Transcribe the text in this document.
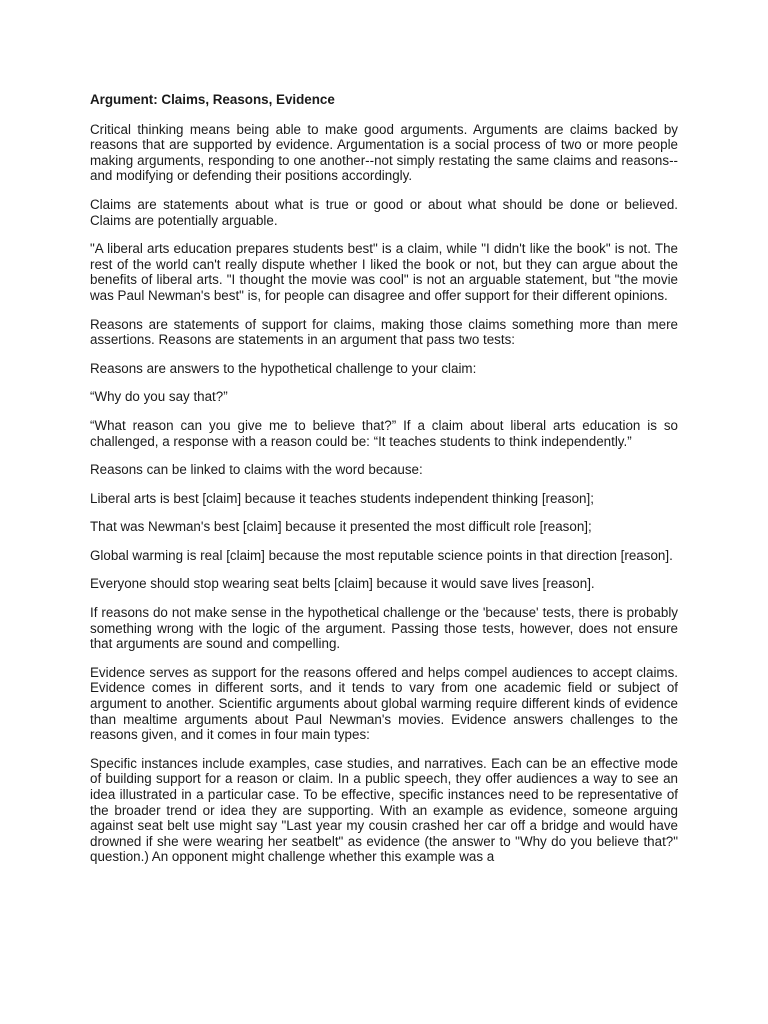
Argument: Claims, Reasons, Evidence

Critical thinking means being able to make good arguments. Arguments are claims backed by reasons that are supported by evidence. Argumentation is a social process of two or more people making arguments, responding to one another--not simply restating the same claims and reasons--and modifying or defending their positions accordingly.

Claims are statements about what is true or good or about what should be done or believed. Claims are potentially arguable.

"A liberal arts education prepares students best" is a claim, while "I didn't like the book" is not. The rest of the world can't really dispute whether I liked the book or not, but they can argue about the benefits of liberal arts. "I thought the movie was cool" is not an arguable statement, but "the movie was Paul Newman's best" is, for people can disagree and offer support for their different opinions.

Reasons are statements of support for claims, making those claims something more than mere assertions. Reasons are statements in an argument that pass two tests:

Reasons are answers to the hypothetical challenge to your claim:

“Why do you say that?”

“What reason can you give me to believe that?” If a claim about liberal arts education is so challenged, a response with a reason could be: “It teaches students to think independently.”

Reasons can be linked to claims with the word because:

Liberal arts is best [claim] because it teaches students independent thinking [reason];

That was Newman's best [claim] because it presented the most difficult role [reason];

Global warming is real [claim] because the most reputable science points in that direction [reason].

Everyone should stop wearing seat belts [claim] because it would save lives [reason].

If reasons do not make sense in the hypothetical challenge or the 'because' tests, there is probably something wrong with the logic of the argument. Passing those tests, however, does not ensure that arguments are sound and compelling.

Evidence serves as support for the reasons offered and helps compel audiences to accept claims. Evidence comes in different sorts, and it tends to vary from one academic field or subject of argument to another. Scientific arguments about global warming require different kinds of evidence than mealtime arguments about Paul Newman's movies. Evidence answers challenges to the reasons given, and it comes in four main types:

Specific instances include examples, case studies, and narratives. Each can be an effective mode of building support for a reason or claim. In a public speech, they offer audiences a way to see an idea illustrated in a particular case. To be effective, specific instances need to be representative of the broader trend or idea they are supporting. With an example as evidence, someone arguing against seat belt use might say "Last year my cousin crashed her car off a bridge and would have drowned if she were wearing her seatbelt" as evidence (the answer to "Why do you believe that?" question.) An opponent might challenge whether this example was a
